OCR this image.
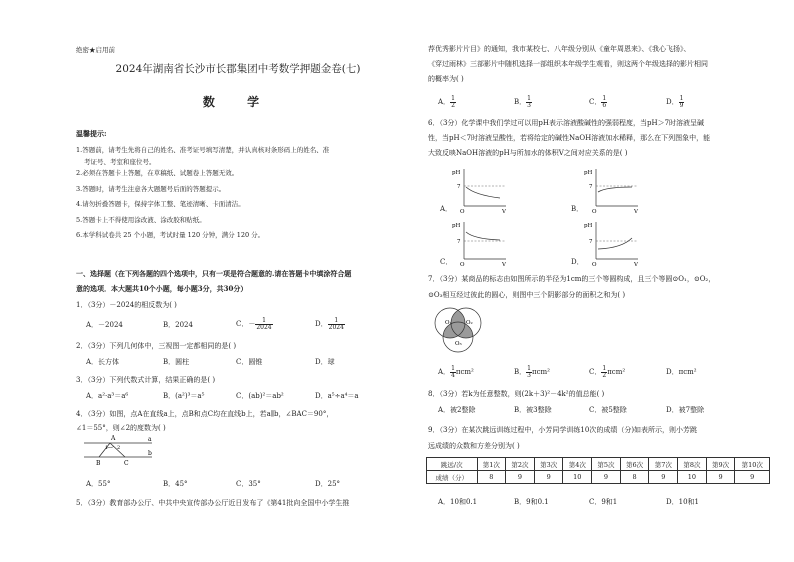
绝密★启用前
2024年湖南省长沙市长郡集团中考数学押题金卷(七)
数 学
温馨提示:
1.答题前，请考生先将自己的姓名、准考证号填写清楚，并认真核对条形码上的姓名、准
考证号、考室和座位号。
2.必须在答题卡上答题，在草稿纸、试题卷上答题无效。
3.答题时，请考生注意各大题题号后面的答题提示。
4.请勿折叠答题卡，保持字体工整、笔迹清晰、卡面清洁。
5.答题卡上不得使用涂改液、涂改胶和贴纸。
6.本学科试卷共 25 个小题，考试时量 120 分钟，满分 120 分。
一、选择题（在下列各题的四个选项中，只有一项是符合题意的.请在答题卡中填涂符合题
意的选项．本大题共10个小题，每小题3分，共30分）
1．（3分）－2024的相反数为( )
A．－2024	B．2024	C．－ $\frac{1}{2024}$	D． $\frac{1}{2024}$
2．（3分）下列几何体中，三视图一定都相同的是( )
A．长方体	B．圆柱	C．圆锥	D．球
3．（3分）下列代数式计算，结果正确的是( )
A．a²·a³＝a⁶	B．(a²)³＝a⁵	C．(ab)²＝ab²	D．a⁵÷a⁴＝a
4．（3分）如图，点A在直线a上，点B和点C均在直线b上，若a∥b，∠BAC＝90°，
∠1＝55°，则∠2的度数为( )
A
B	C
a
b
1 2
A．55°	B．45°	C．35°	D．25°
5．（3分）教育部办公厅、中共中央宣传部办公厅近日发布了《第41批向全国中小学生推
荐优秀影片片目》的通知，我市某校七、八年级分别从《童年周恩来》、《我心飞扬》、
《穿过雨林》三部影片中随机选择一部组织本年级学生观看，则这两个年级选择的影片相同
的概率为( )
A． $\frac{1}{2}$	B． $\frac{1}{3}$	C． $\frac{1}{6}$	D． $\frac{1}{9}$
6．（3分）化学课中我们学过可以用pH表示溶液酸碱性的强弱程度，当pH＞7时溶液呈碱
性，当pH＜7时溶液呈酸性，若将给定的碱性NaOH溶液加水稀释，那么在下列图象中，能
大致反映NaOH溶液的pH与所加水的体积V之间对应关系的是( )
A．
pH
7
O	V	B．
pH
7
O	V
C．
pH
7
O	V	D．
pH
7
O	V
7．（3分）某商品的标志由如图所示的半径为1cm的三个等圆构成，且三个等圆⊙O₁，⊙O₂，
⊙O₃相互经过彼此的圆心，则图中三个阴影部分的面积之和为( )
O₁	O₂
O₃
A． $\frac{1}{4} \pi cm^2$	B． $\frac{1}{3} \pi cm^2$	C． $\frac{1}{2} \pi cm^2$	D．πcm²
8．（3分）若k为任意整数，则(2k＋3)²－4k²的值总能( )
A．被2整除	B．被3整除	C．被5整除	D．被7整除
9．（3分）在某次跳远训练过程中，小芳同学训练10次的成绩（分)如表所示，则小芳跳
远成绩的众数和方差分别为( )
跳远/次	第1次	第2次	第3次	第4次	第5次	第6次	第7次	第8次	第9次	第10次
成绩（分）	8	9	9	10	9	8	9	10	9	9
A．10和0.1	B．9和0.1	C．9和1	D．10和1
